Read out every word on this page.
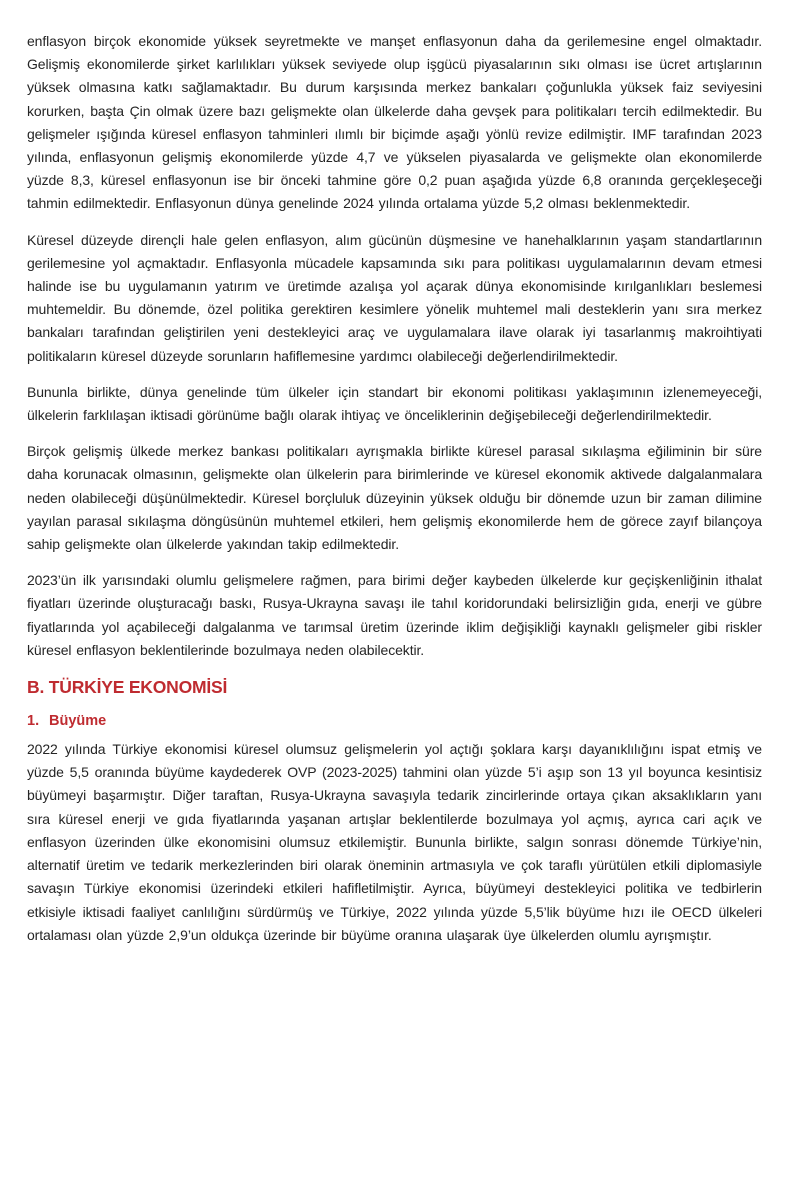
enflasyon birçok ekonomide yüksek seyretmekte ve manşet enflasyonun daha da gerilemesine engel olmaktadır. Gelişmiş ekonomilerde şirket karlılıkları yüksek seviyede olup işgücü piyasalarının sıkı olması ise ücret artışlarının yüksek olmasına katkı sağlamaktadır. Bu durum karşısında merkez bankaları çoğunlukla yüksek faiz seviyesini korurken, başta Çin olmak üzere bazı gelişmekte olan ülkelerde daha gevşek para politikaları tercih edilmektedir. Bu gelişmeler ışığında küresel enflasyon tahminleri ılımlı bir biçimde aşağı yönlü revize edilmiştir. IMF tarafından 2023 yılında, enflasyonun gelişmiş ekonomilerde yüzde 4,7 ve yükselen piyasalarda ve gelişmekte olan ekonomilerde yüzde 8,3, küresel enflasyonun ise bir önceki tahmine göre 0,2 puan aşağıda yüzde 6,8 oranında gerçekleşeceği tahmin edilmektedir. Enflasyonun dünya genelinde 2024 yılında ortalama yüzde 5,2 olması beklenmektedir.

Küresel düzeyde dirençli hale gelen enflasyon, alım gücünün düşmesine ve hanehalklarının yaşam standartlarının gerilemesine yol açmaktadır. Enflasyonla mücadele kapsamında sıkı para politikası uygulamalarının devam etmesi halinde ise bu uygulamanın yatırım ve üretimde azalışa yol açarak dünya ekonomisinde kırılganlıkları beslemesi muhtemeldir. Bu dönemde, özel politika gerektiren kesimlere yönelik muhtemel mali desteklerin yanı sıra merkez bankaları tarafından geliştirilen yeni destekleyici araç ve uygulamalara ilave olarak iyi tasarlanmış makroihtiyati politikaların küresel düzeyde sorunların hafiflemesine yardımcı olabileceği değerlendirilmektedir.

Bununla birlikte, dünya genelinde tüm ülkeler için standart bir ekonomi politikası yaklaşımının izlenemeyeceği, ülkelerin farklılaşan iktisadi görünüme bağlı olarak ihtiyaç ve önceliklerinin değişebileceği değerlendirilmektedir.

Birçok gelişmiş ülkede merkez bankası politikaları ayrışmakla birlikte küresel parasal sıkılaşma eğiliminin bir süre daha korunacak olmasının, gelişmekte olan ülkelerin para birimlerinde ve küresel ekonomik aktivede dalgalanmalara neden olabileceği düşünülmektedir. Küresel borçluluk düzeyinin yüksek olduğu bir dönemde uzun bir zaman dilimine yayılan parasal sıkılaşma döngüsünün muhtemel etkileri, hem gelişmiş ekonomilerde hem de görece zayıf bilançoya sahip gelişmekte olan ülkelerde yakından takip edilmektedir.

2023’ün ilk yarısındaki olumlu gelişmelere rağmen, para birimi değer kaybeden ülkelerde kur geçişkenliğinin ithalat fiyatları üzerinde oluşturacağı baskı, Rusya-Ukrayna savaşı ile tahıl koridorundaki belirsizliğin gıda, enerji ve gübre fiyatlarında yol açabileceği dalgalanma ve tarımsal üretim üzerinde iklim değişikliği kaynaklı gelişmeler gibi riskler küresel enflasyon beklentilerinde bozulmaya neden olabilecektir.

B. TÜRKİYE EKONOMİSİ
1. Büyüme

2022 yılında Türkiye ekonomisi küresel olumsuz gelişmelerin yol açtığı şoklara karşı dayanıklılığını ispat etmiş ve yüzde 5,5 oranında büyüme kaydederek OVP (2023-2025) tahmini olan yüzde 5’i aşıp son 13 yıl boyunca kesintisiz büyümeyi başarmıştır. Diğer taraftan, Rusya-Ukrayna savaşıyla tedarik zincirlerinde ortaya çıkan aksaklıkların yanı sıra küresel enerji ve gıda fiyatlarında yaşanan artışlar beklentilerde bozulmaya yol açmış, ayrıca cari açık ve enflasyon üzerinden ülke ekonomisini olumsuz etkilemiştir. Bununla birlikte, salgın sonrası dönemde Türkiye’nin, alternatif üretim ve tedarik merkezlerinden biri olarak öneminin artmasıyla ve çok taraflı yürütülen etkili diplomasiyle savaşın Türkiye ekonomisi üzerindeki etkileri hafifletilmiştir. Ayrıca, büyümeyi destekleyici politika ve tedbirlerin etkisiyle iktisadi faaliyet canlılığını sürdürmüş ve Türkiye, 2022 yılında yüzde 5,5’lik büyüme hızı ile OECD ülkeleri ortalaması olan yüzde 2,9’un oldukça üzerinde bir büyüme oranına ulaşarak üye ülkelerden olumlu ayrışmıştır.
